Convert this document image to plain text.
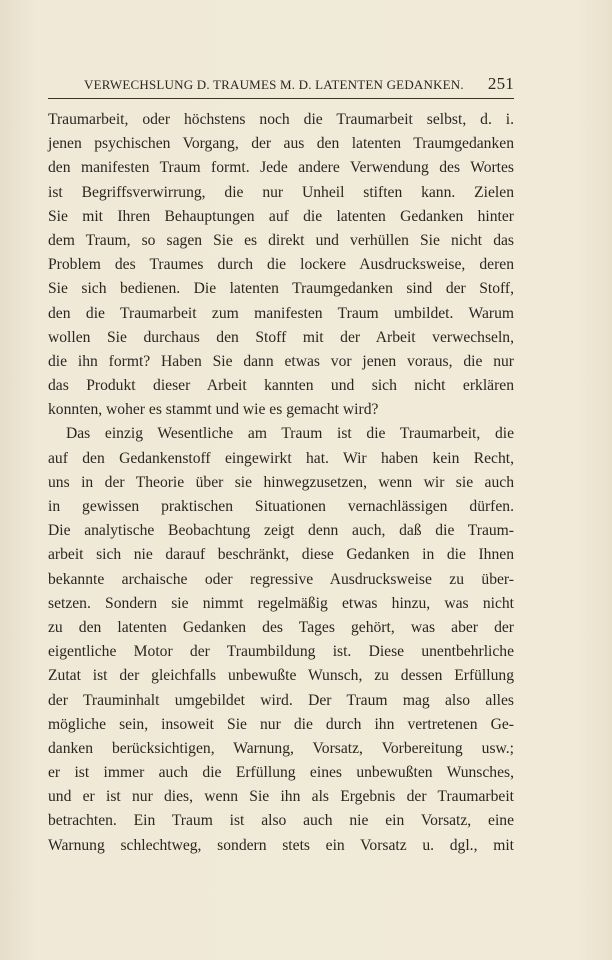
VERWECHSLUNG D. TRAUMES M. D. LATENTEN GEDANKEN. 251
Traumarbeit, oder höchstens noch die Traumarbeit selbst, d. i.
jenen psychischen Vorgang, der aus den latenten Traumgedanken
den manifesten Traum formt. Jede andere Verwendung des Wortes
ist Begriffsverwirrung, die nur Unheil stiften kann. Zielen
Sie mit Ihren Behauptungen auf die latenten Gedanken hinter
dem Traum, so sagen Sie es direkt und verhüllen Sie nicht das
Problem des Traumes durch die lockere Ausdrucksweise, deren
Sie sich bedienen. Die latenten Traumgedanken sind der Stoff,
den die Traumarbeit zum manifesten Traum umbildet. Warum
wollen Sie durchaus den Stoff mit der Arbeit verwechseln,
die ihn formt? Haben Sie dann etwas vor jenen voraus, die nur
das Produkt dieser Arbeit kannten und sich nicht erklären
konnten, woher es stammt und wie es gemacht wird?
Das einzig Wesentliche am Traum ist die Traumarbeit, die
auf den Gedankenstoff eingewirkt hat. Wir haben kein Recht,
uns in der Theorie über sie hinwegzusetzen, wenn wir sie auch
in gewissen praktischen Situationen vernachlässigen dürfen.
Die analytische Beobachtung zeigt denn auch, daß die Traum-
arbeit sich nie darauf beschränkt, diese Gedanken in die Ihnen
bekannte archaische oder regressive Ausdrucksweise zu über-
setzen. Sondern sie nimmt regelmäßig etwas hinzu, was nicht
zu den latenten Gedanken des Tages gehört, was aber der
eigentliche Motor der Traumbildung ist. Diese unentbehrliche
Zutat ist der gleichfalls unbewußte Wunsch, zu dessen Erfüllung
der Trauminhalt umgebildet wird. Der Traum mag also alles
mögliche sein, insoweit Sie nur die durch ihn vertretenen Ge-
danken berücksichtigen, Warnung, Vorsatz, Vorbereitung usw.;
er ist immer auch die Erfüllung eines unbewußten Wunsches,
und er ist nur dies, wenn Sie ihn als Ergebnis der Traumarbeit
betrachten. Ein Traum ist also auch nie ein Vorsatz, eine
Warnung schlechtweg, sondern stets ein Vorsatz u. dgl., mit
